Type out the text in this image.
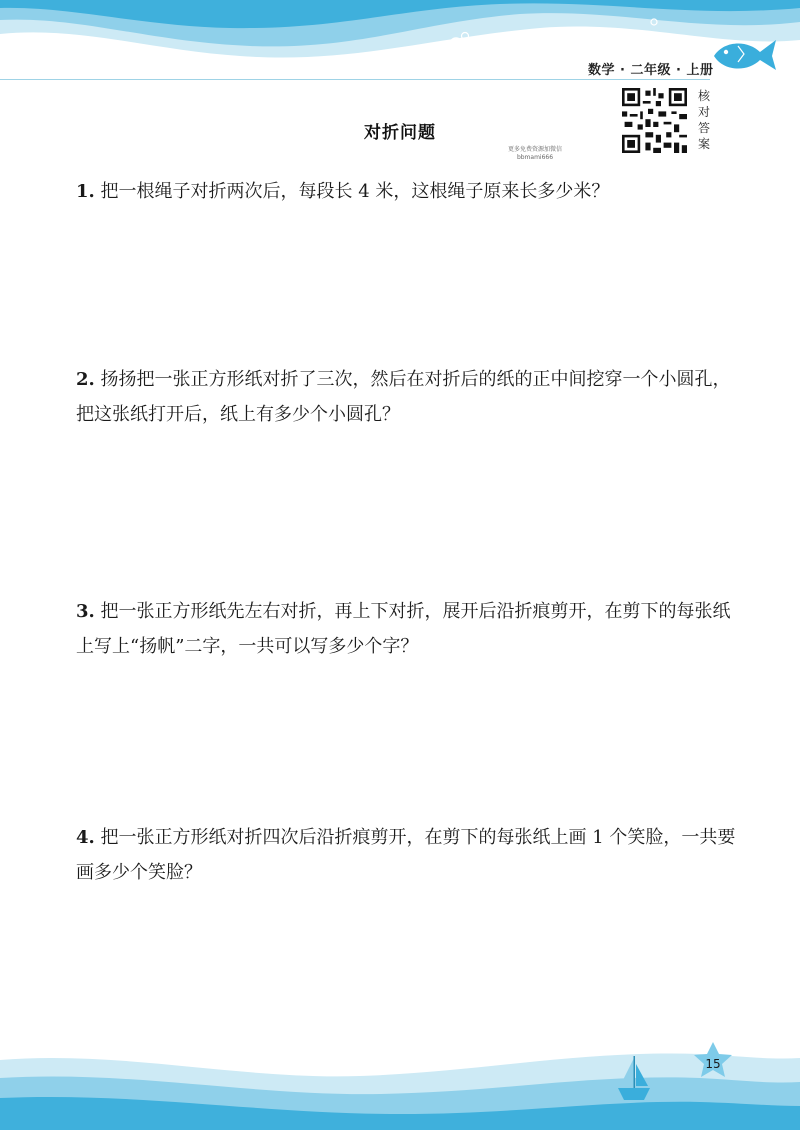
数学 · 二年级 · 上册
核
对
答
案
对折问题
更多免费资源加微信
bbmami666
1. 把一根绳子对折两次后，每段长 4 米，这根绳子原来长多少米？
2. 扬扬把一张正方形纸对折了三次，然后在对折后的纸的正中间挖穿一个小圆孔，把这张纸打开后，纸上有多少个小圆孔？
3. 把一张正方形纸先左右对折，再上下对折，展开后沿折痕剪开，在剪下的每张纸上写上“扬帆”二字，一共可以写多少个字？
4. 把一张正方形纸对折四次后沿折痕剪开，在剪下的每张纸上画 1 个笑脸，一共要画多少个笑脸？
15
